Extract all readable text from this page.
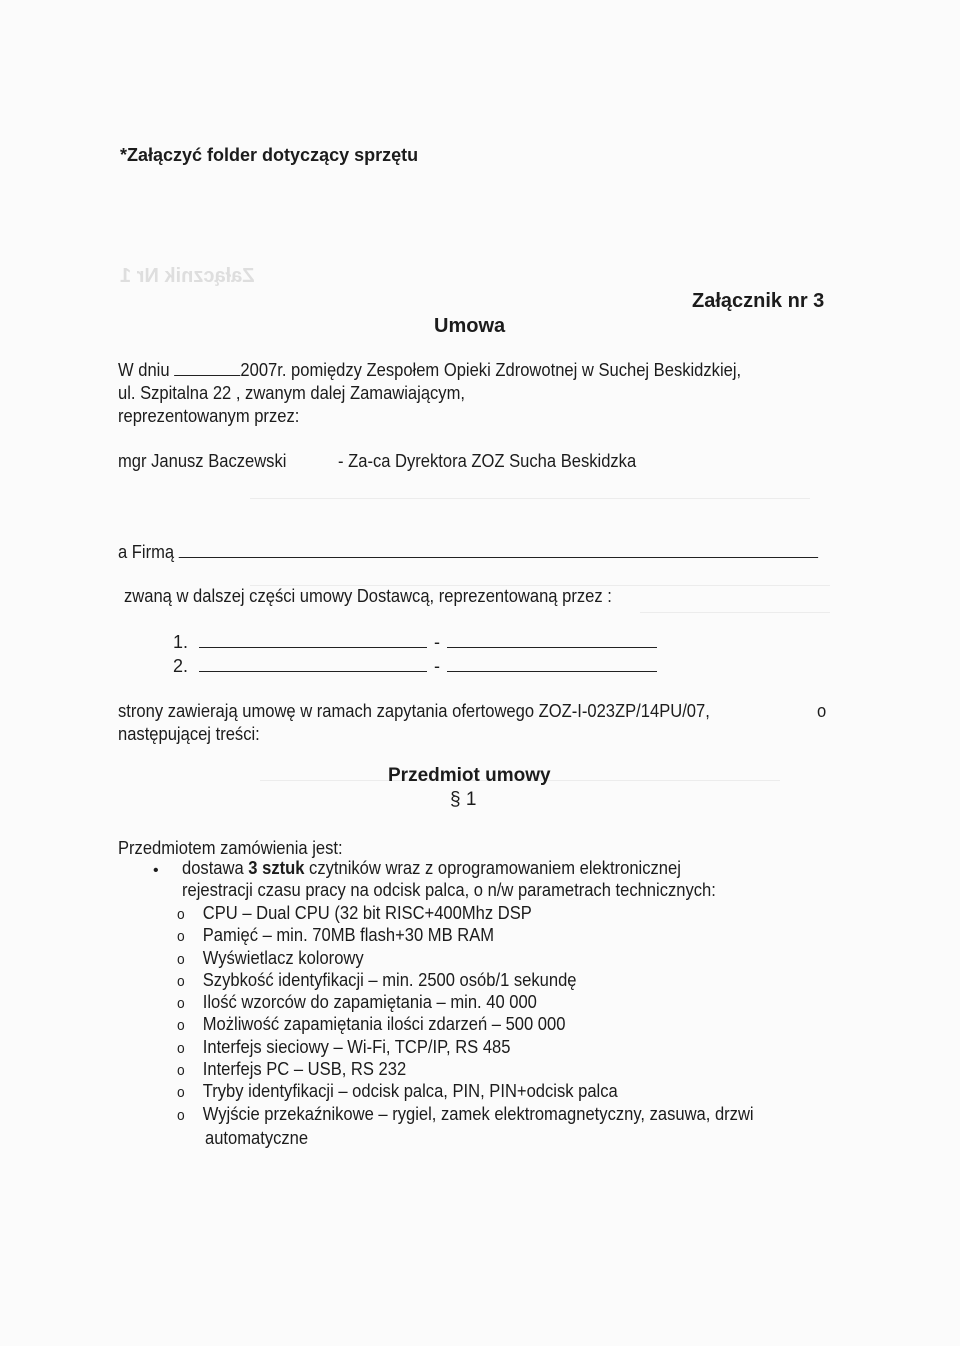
Załącznik Nr 1
*Załączyć folder dotyczący sprzętu
Załącznik nr 3
Umowa
W dniu	2007r. pomiędzy Zespołem Opieki Zdrowotnej w Suchej Beskidzkiej,
ul. Szpitalna 22 , zwanym dalej Zamawiającym,
reprezentowanym przez:
mgr Janusz Baczewski	- Za-ca Dyrektora ZOZ Sucha Beskidzka
a Firmą
zwaną w dalszej części umowy Dostawcą, reprezentowaną przez :
1.	-
2.	-
strony zawierają umowę w ramach zapytania ofertowego ZOZ-I-023ZP/14PU/07,	o
następującej treści:
Przedmiot umowy
§ 1
Przedmiotem zamówienia jest:
• dostawa 3 sztuk czytników wraz z oprogramowaniem elektronicznej
rejestracji czasu pracy na odcisk palca, o n/w parametrach technicznych:
o CPU – Dual CPU (32 bit RISC+400Mhz DSP
o Pamięć – min. 70MB flash+30 MB RAM
o Wyświetlacz kolorowy
o Szybkość identyfikacji – min. 2500 osób/1 sekundę
o Ilość wzorców do zapamiętania – min. 40 000
o Możliwość zapamiętania ilości zdarzeń – 500 000
o Interfejs sieciowy – Wi-Fi, TCP/IP, RS 485
o Interfejs PC – USB, RS 232
o Tryby identyfikacji – odcisk palca, PIN, PIN+odcisk palca
o Wyjście przekaźnikowe – rygiel, zamek elektromagnetyczny, zasuwa, drzwi
automatyczne
